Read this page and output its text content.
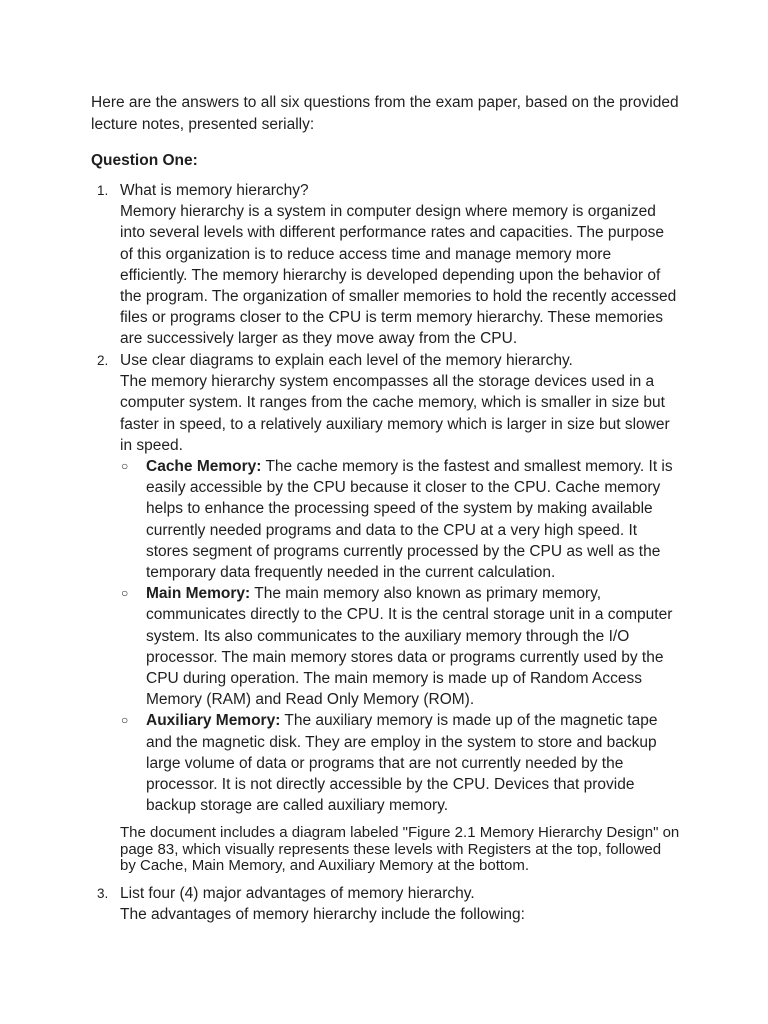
Here are the answers to all six questions from the exam paper, based on the provided lecture notes, presented serially:

Question One:

1. What is memory hierarchy?

Memory hierarchy is a system in computer design where memory is organized into several levels with different performance rates and capacities. The purpose of this organization is to reduce access time and manage memory more efficiently. The memory hierarchy is developed depending upon the behavior of the program. The organization of smaller memories to hold the recently accessed files or programs closer to the CPU is term memory hierarchy. These memories are successively larger as they move away from the CPU.

2. Use clear diagrams to explain each level of the memory hierarchy.

The memory hierarchy system encompasses all the storage devices used in a computer system. It ranges from the cache memory, which is smaller in size but faster in speed, to a relatively auxiliary memory which is larger in size but slower in speed.

○ Cache Memory: The cache memory is the fastest and smallest memory. It is easily accessible by the CPU because it closer to the CPU. Cache memory helps to enhance the processing speed of the system by making available currently needed programs and data to the CPU at a very high speed. It stores segment of programs currently processed by the CPU as well as the temporary data frequently needed in the current calculation.
○ Main Memory: The main memory also known as primary memory, communicates directly to the CPU. It is the central storage unit in a computer system. Its also communicates to the auxiliary memory through the I/O processor. The main memory stores data or programs currently used by the CPU during operation. The main memory is made up of Random Access Memory (RAM) and Read Only Memory (ROM).
○ Auxiliary Memory: The auxiliary memory is made up of the magnetic tape and the magnetic disk. They are employ in the system to store and backup large volume of data or programs that are not currently needed by the processor. It is not directly accessible by the CPU. Devices that provide backup storage are called auxiliary memory.

The document includes a diagram labeled "Figure 2.1 Memory Hierarchy Design" on page 83, which visually represents these levels with Registers at the top, followed by Cache, Main Memory, and Auxiliary Memory at the bottom.

3. List four (4) major advantages of memory hierarchy.

The advantages of memory hierarchy include the following:
